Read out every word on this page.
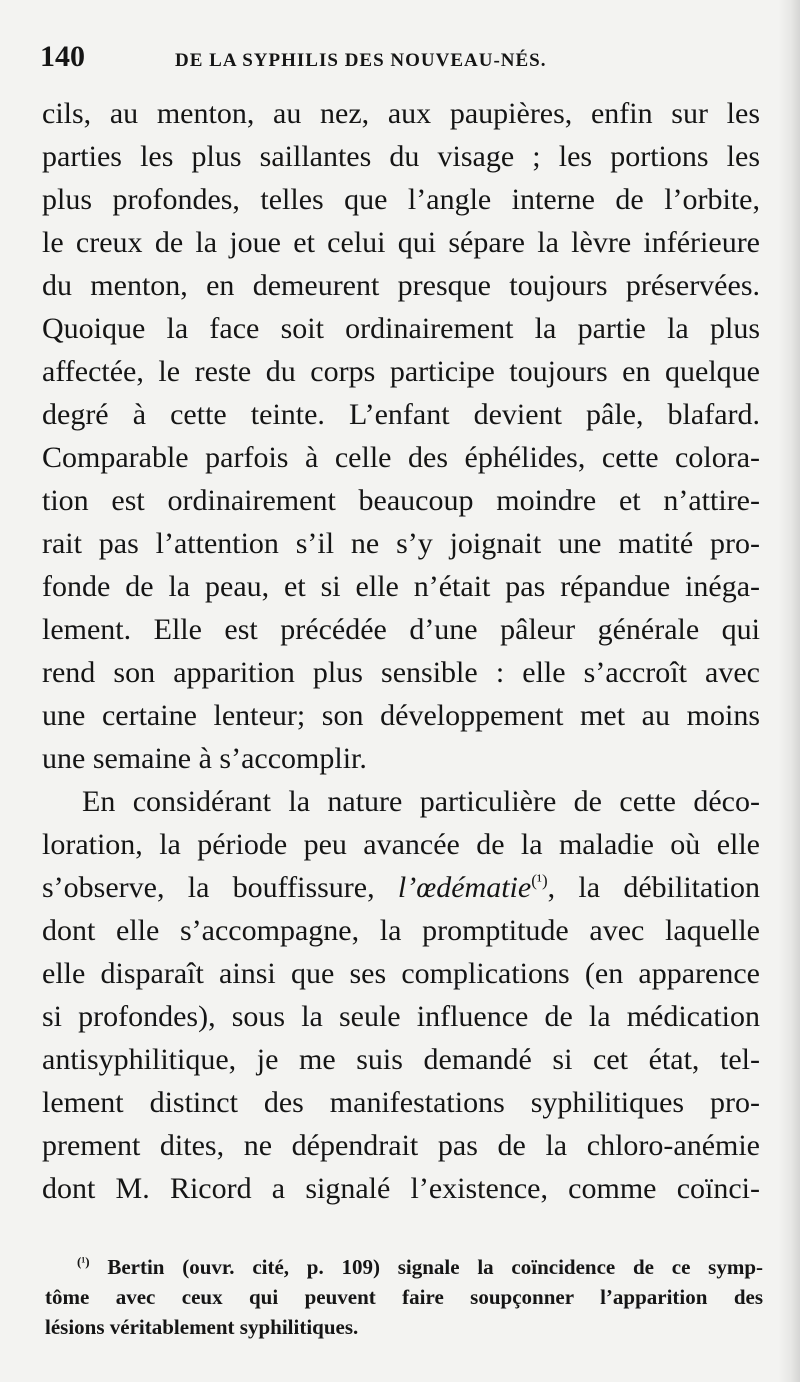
140	DE LA SYPHILIS DES NOUVEAU-NÉS.
cils, au menton, au nez, aux paupières, enfin sur les
parties les plus saillantes du visage ; les portions les
plus profondes, telles que l’angle interne de l’orbite,
le creux de la joue et celui qui sépare la lèvre inférieure
du menton, en demeurent presque toujours préservées.
Quoique la face soit ordinairement la partie la plus
affectée, le reste du corps participe toujours en quelque
degré à cette teinte. L’enfant devient pâle, blafard.
Comparable parfois à celle des éphélides, cette colora-
tion est ordinairement beaucoup moindre et n’attire-
rait pas l’attention s’il ne s’y joignait une matité pro-
fonde de la peau, et si elle n’était pas répandue inéga-
lement. Elle est précédée d’une pâleur générale qui
rend son apparition plus sensible : elle s’accroît avec
une certaine lenteur; son développement met au moins
une semaine à s’accomplir.
En considérant la nature particulière de cette déco-
loration, la période peu avancée de la maladie où elle
s’observe, la bouffissure, l’œdématie$^{(^1)}$, la débilitation
dont elle s’accompagne, la promptitude avec laquelle
elle disparaît ainsi que ses complications (en apparence
si profondes), sous la seule influence de la médication
antisyphilitique, je me suis demandé si cet état, tel-
lement distinct des manifestations syphilitiques pro-
prement dites, ne dépendrait pas de la chloro-anémie
dont M. Ricord a signalé l’existence, comme coïnci-
$^{(^1)}$ Bertin (ouvr. cité, p. 109) signale la coïncidence de ce symp-
tôme avec ceux qui peuvent faire soupçonner l’apparition des
lésions véritablement syphilitiques.
